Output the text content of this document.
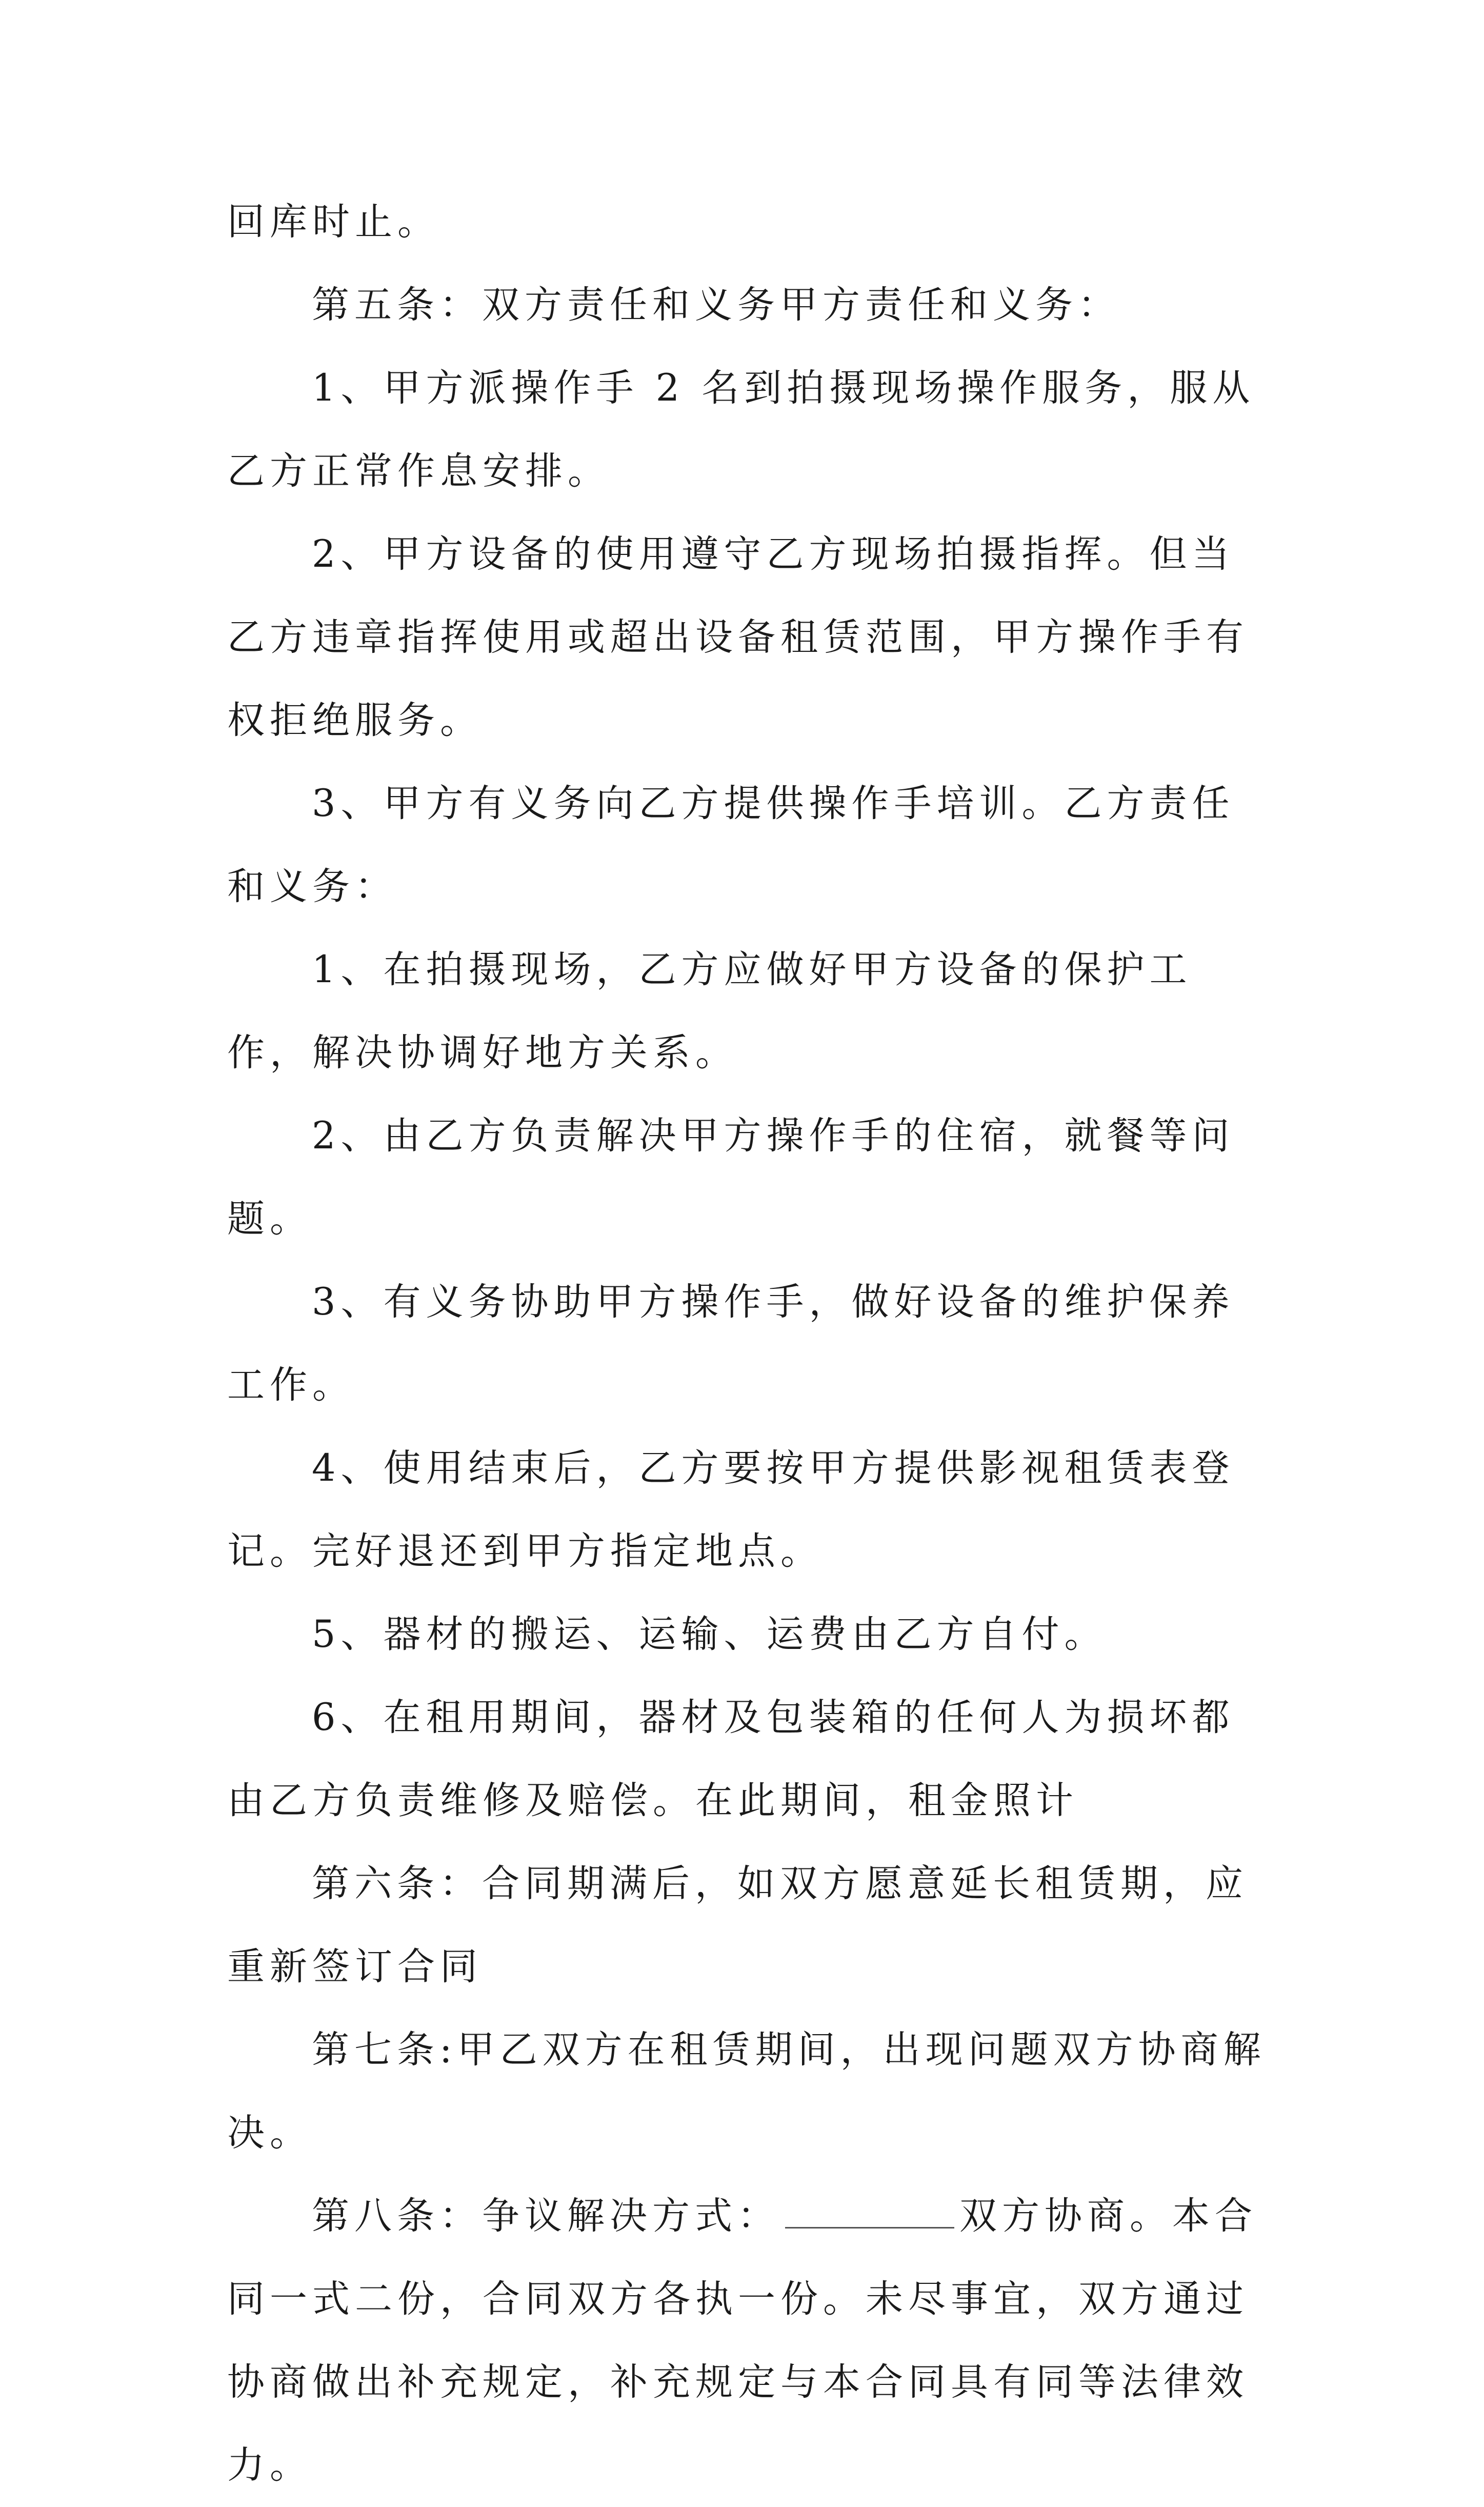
回库时止。

第五条：双方责任和义务甲方责任和义务：

1、甲方派操作手 2 名到拍摄现场操作服务，服从乙方正常作息安排。

2、甲方设备的使用遵守乙方现场拍摄指挥。但当乙方违章指挥使用或超出设备租赁范围，甲方操作手有权拒绝服务。

3、甲方有义务向乙方提供操作手培训。乙方责任和义务：

1、在拍摄现场，乙方应做好甲方设备的保护工作，解决协调好地方关系。

2、由乙方负责解决甲方操作手的住宿，就餐等问题。

3、有义务协助甲方操作手，做好设备的维护保养工作。

4、使用结束后，乙方要按甲方提供影视租赁表登记。完好退还到甲方指定地点。

5、器材的搬运、运输、运费由乙方自付。

6、在租用期间，器材及包装箱的任何人为损坏都由乙方负责维修及赔偿。在此期间，租金照计

第六条：合同期满后，如双方愿意延长租赁期，应重新签订合同

第七条:甲乙双方在租赁期间，出现问题双方协商解决。

第八条：争议解决方式：	双方协商。本合同一式二份，合同双方各执一份。未尽事宜，双方通过协商做出补充规定，补充规定与本合同具有同等法律效力。
